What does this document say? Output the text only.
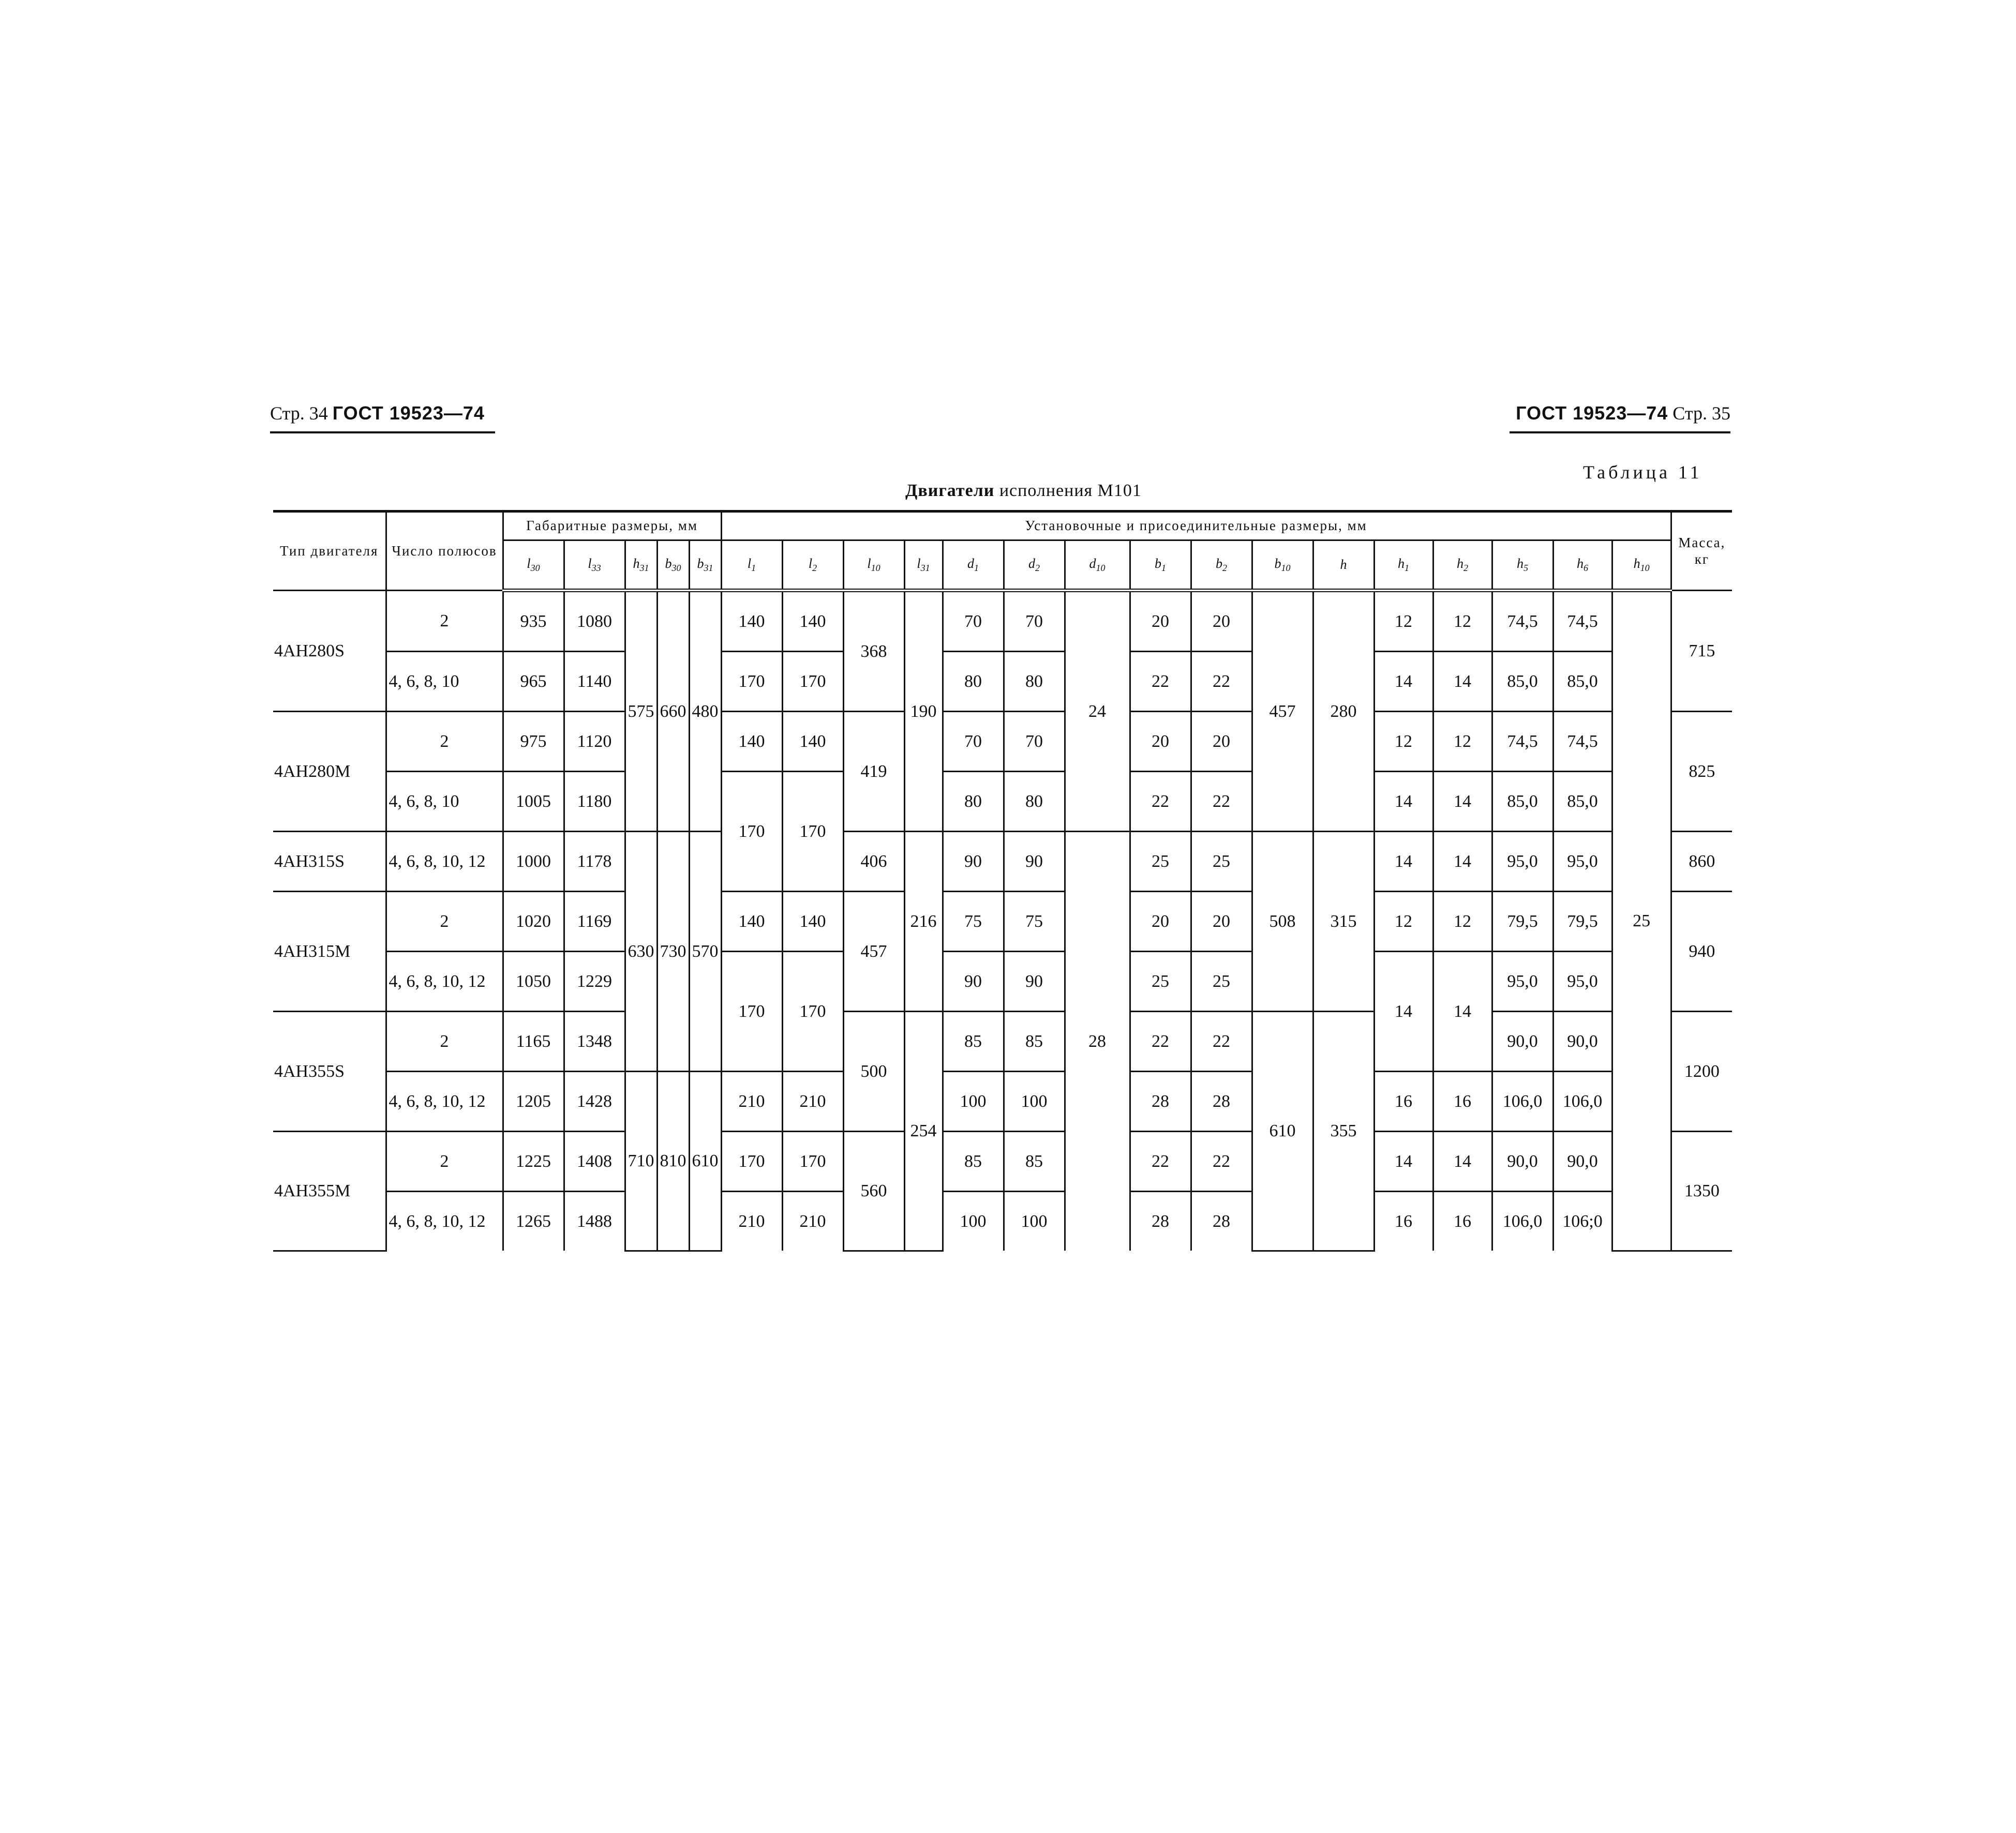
Стр. 34 ГОСТ 19523—74	ГОСТ 19523—74 Стр. 35
Таблица 11
Двигатели исполнения М101
Тип двигателя	Число полюсов	Габаритные размеры, мм					Установочные и присоединительные размеры, мм																Масса, кг
		$l_{30}$	$l_{33}$	$h_{31}$	$b_{30}$	$b_{31}$	$l_1$	$l_2$	$l_{10}$	$l_{31}$	$d_1$	$d_2$	$d_{10}$	$b_1$	$b_2$	$b_{10}$	h	$h_1$	$h_2$	$h_5$	$h_6$	$h_{10}$
4АН280S	2	935	1080	575	660	480	140	140	368	190	70	70	24	20	20	457	280	12	12	74,5	74,5	25	715
	4, 6, 8, 10	965	1140				170	170			80	80		22	22			14	14	85,0	85,0		
4АН280М	2	975	1120				140	140	419		70	70		20	20			12	12	74,5	74,5		825
	4, 6, 8, 10	1005	1180				170	170			80	80		22	22			14	14	85,0	85,0		
4АН315S	4, 6, 8, 10, 12	1000	1178	630	730	570			406	216	90	90	28	25	25	508	315	14	14	95,0	95,0		860
4АН315М	2	1020	1169				140	140	457		75	75		20	20			12	12	79,5	79,5		940
	4, 6, 8, 10, 12	1050	1229				170	170			90	90		25	25			14	14	95,0	95,0		
4АН355S	2	1165	1348						500	254	85	85		22	22	610	355			90,0	90,0		1200
	4, 6, 8, 10, 12	1205	1428	710	810	610	210	210			100	100		28	28			16	16	106,0	106,0		
4АН355М	2	1225	1408				170	170	560		85	85		22	22			14	14	90,0	90,0		1350
	4, 6, 8, 10, 12	1265	1488				210	210			100	100		28	28			16	16	106,0	106;0		
